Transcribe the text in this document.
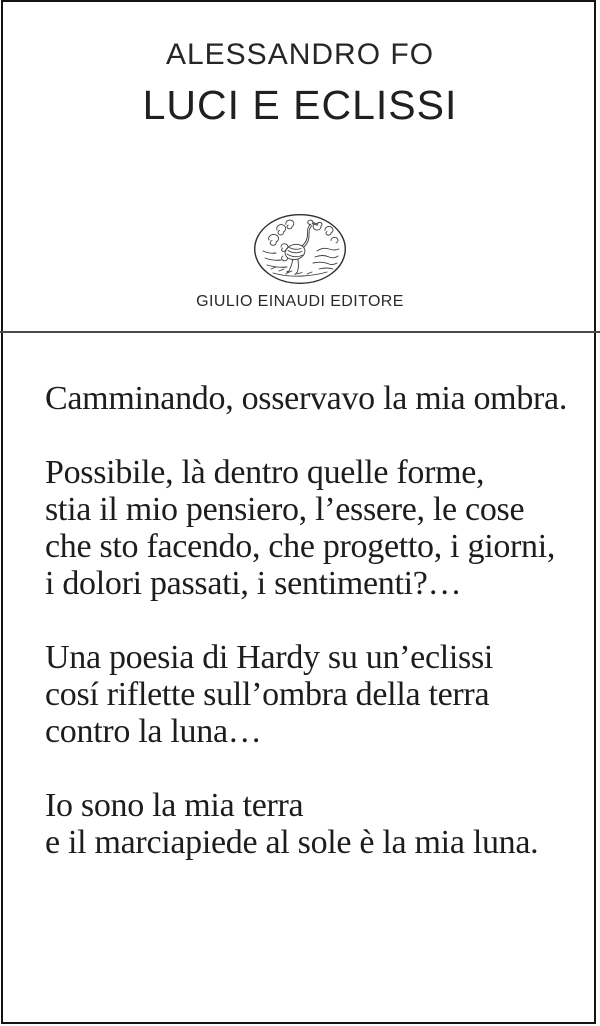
ALESSANDRO FO
LUCI E ECLISSI
GIULIO EINAUDI EDITORE
Camminando, osservavo la mia ombra.
Possibile, là dentro quelle forme,
stia il mio pensiero, l’essere, le cose
che sto facendo, che progetto, i giorni,
i dolori passati, i sentimenti?…
Una poesia di Hardy su un’eclissi
cosí riflette sull’ombra della terra
contro la luna…
Io sono la mia terra
e il marciapiede al sole è la mia luna.
